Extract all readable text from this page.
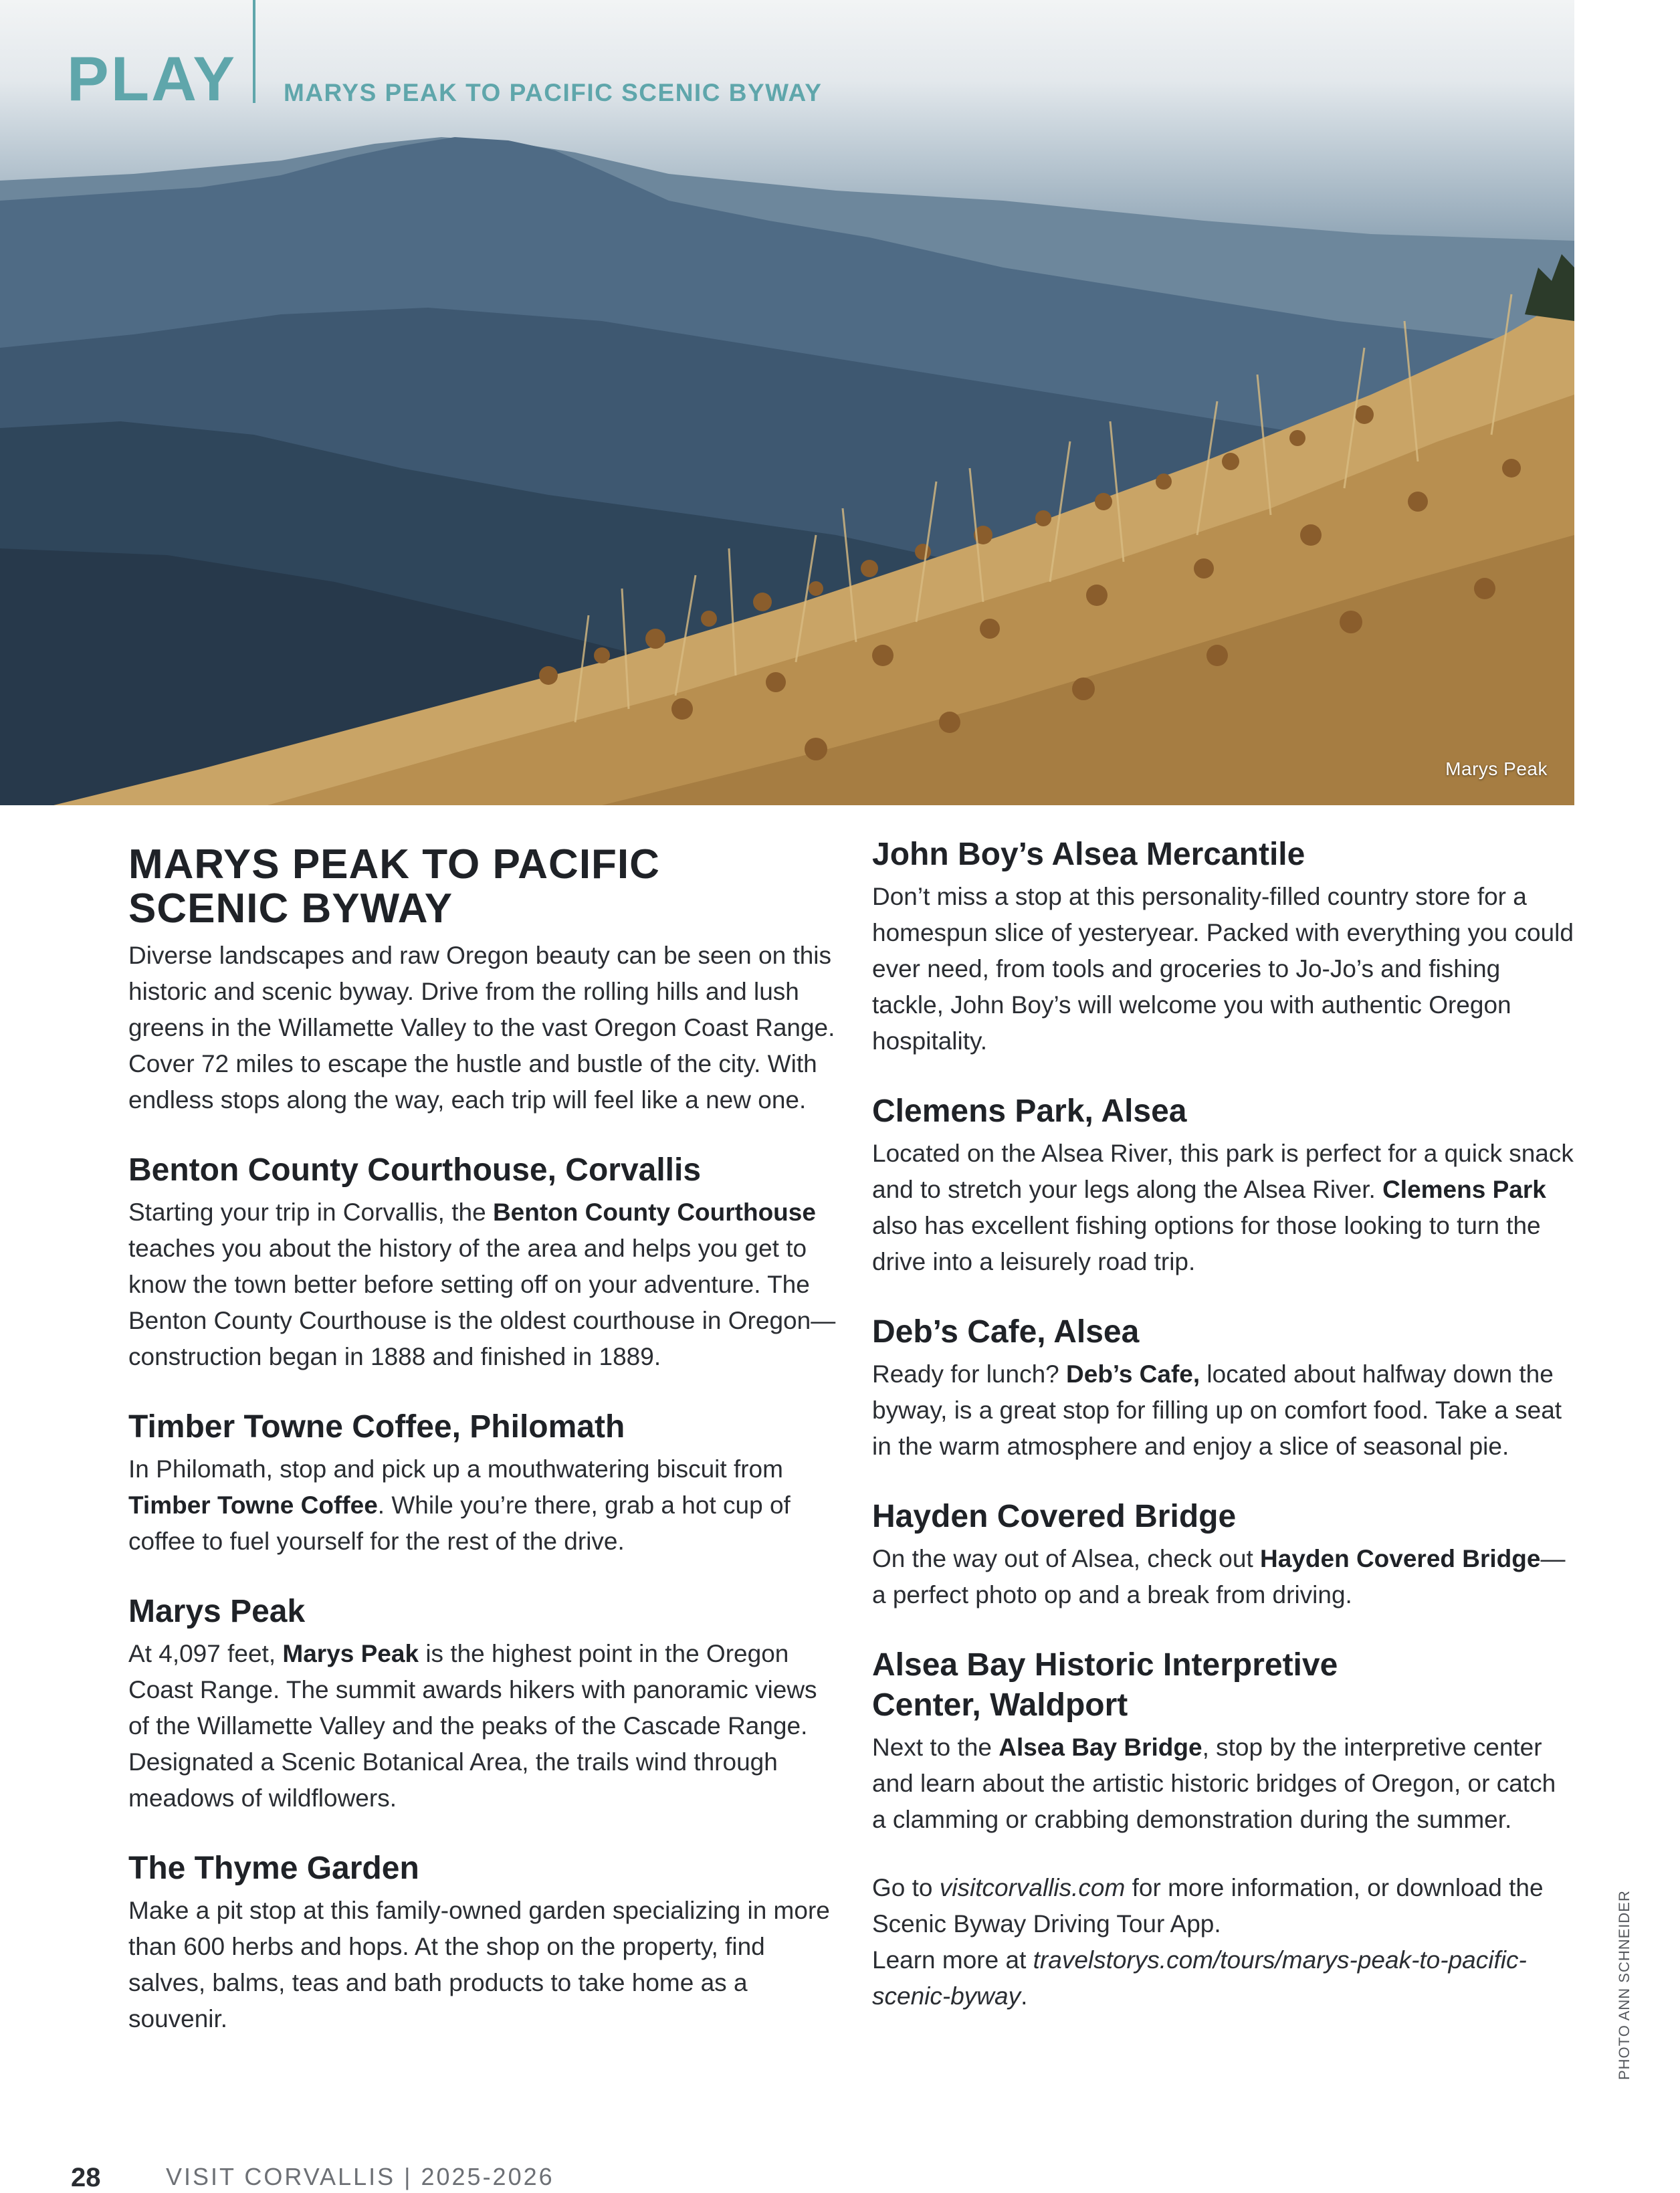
Marys Peak
PLAY MARYS PEAK TO PACIFIC SCENIC BYWAY
MARYS PEAK TO PACIFIC
SCENIC BYWAY

Diverse landscapes and raw Oregon beauty can be seen on this historic and scenic byway. Drive from the rolling hills and lush greens in the Willamette Valley to the vast Oregon Coast Range. Cover 72 miles to escape the hustle and bustle of the city. With endless stops along the way, each trip will feel like a new one.

Benton County Courthouse, Corvallis

Starting your trip in Corvallis, the Benton County Courthouse teaches you about the history of the area and helps you get to know the town better before setting off on your adventure. The Benton County Courthouse is the oldest courthouse in Oregon—construction began in 1888 and finished in 1889.

Timber Towne Coffee, Philomath

In Philomath, stop and pick up a mouthwatering biscuit from Timber Towne Coffee. While you’re there, grab a hot cup of coffee to fuel yourself for the rest of the drive.

Marys Peak

At 4,097 feet, Marys Peak is the highest point in the Oregon Coast Range. The summit awards hikers with panoramic views of the Willamette Valley and the peaks of the Cascade Range. Designated a Scenic Botanical Area, the trails wind through meadows of wildflowers.

The Thyme Garden

Make a pit stop at this family-owned garden specializing in more than 600 herbs and hops. At the shop on the property, find salves, balms, teas and bath products to take home as a souvenir.

John Boy’s Alsea Mercantile

Don’t miss a stop at this personality-filled country store for a homespun slice of yesteryear. Packed with everything you could ever need, from tools and groceries to Jo-Jo’s and fishing tackle, John Boy’s will welcome you with authentic Oregon hospitality.

Clemens Park, Alsea

Located on the Alsea River, this park is perfect for a quick snack and to stretch your legs along the Alsea River. Clemens Park also has excellent fishing options for those looking to turn the drive into a leisurely road trip.

Deb’s Cafe, Alsea

Ready for lunch? Deb’s Cafe, located about halfway down the byway, is a great stop for filling up on comfort food. Take a seat in the warm atmosphere and enjoy a slice of seasonal pie.

Hayden Covered Bridge

On the way out of Alsea, check out Hayden Covered Bridge—a perfect photo op and a break from driving.

Alsea Bay Historic Interpretive
Center, Waldport

Next to the Alsea Bay Bridge, stop by the interpretive center and learn about the artistic historic bridges of Oregon, or catch a clamming or crabbing demonstration during the summer.

Go to visitcorvallis.com for more information, or download the Scenic Byway Driving Tour App.

Learn more at travelstorys.com/tours/marys-peak-to-pacific-scenic-byway.	PHOTO ANN SCHNEIDER
28	VISIT CORVALLIS | 2025-2026
